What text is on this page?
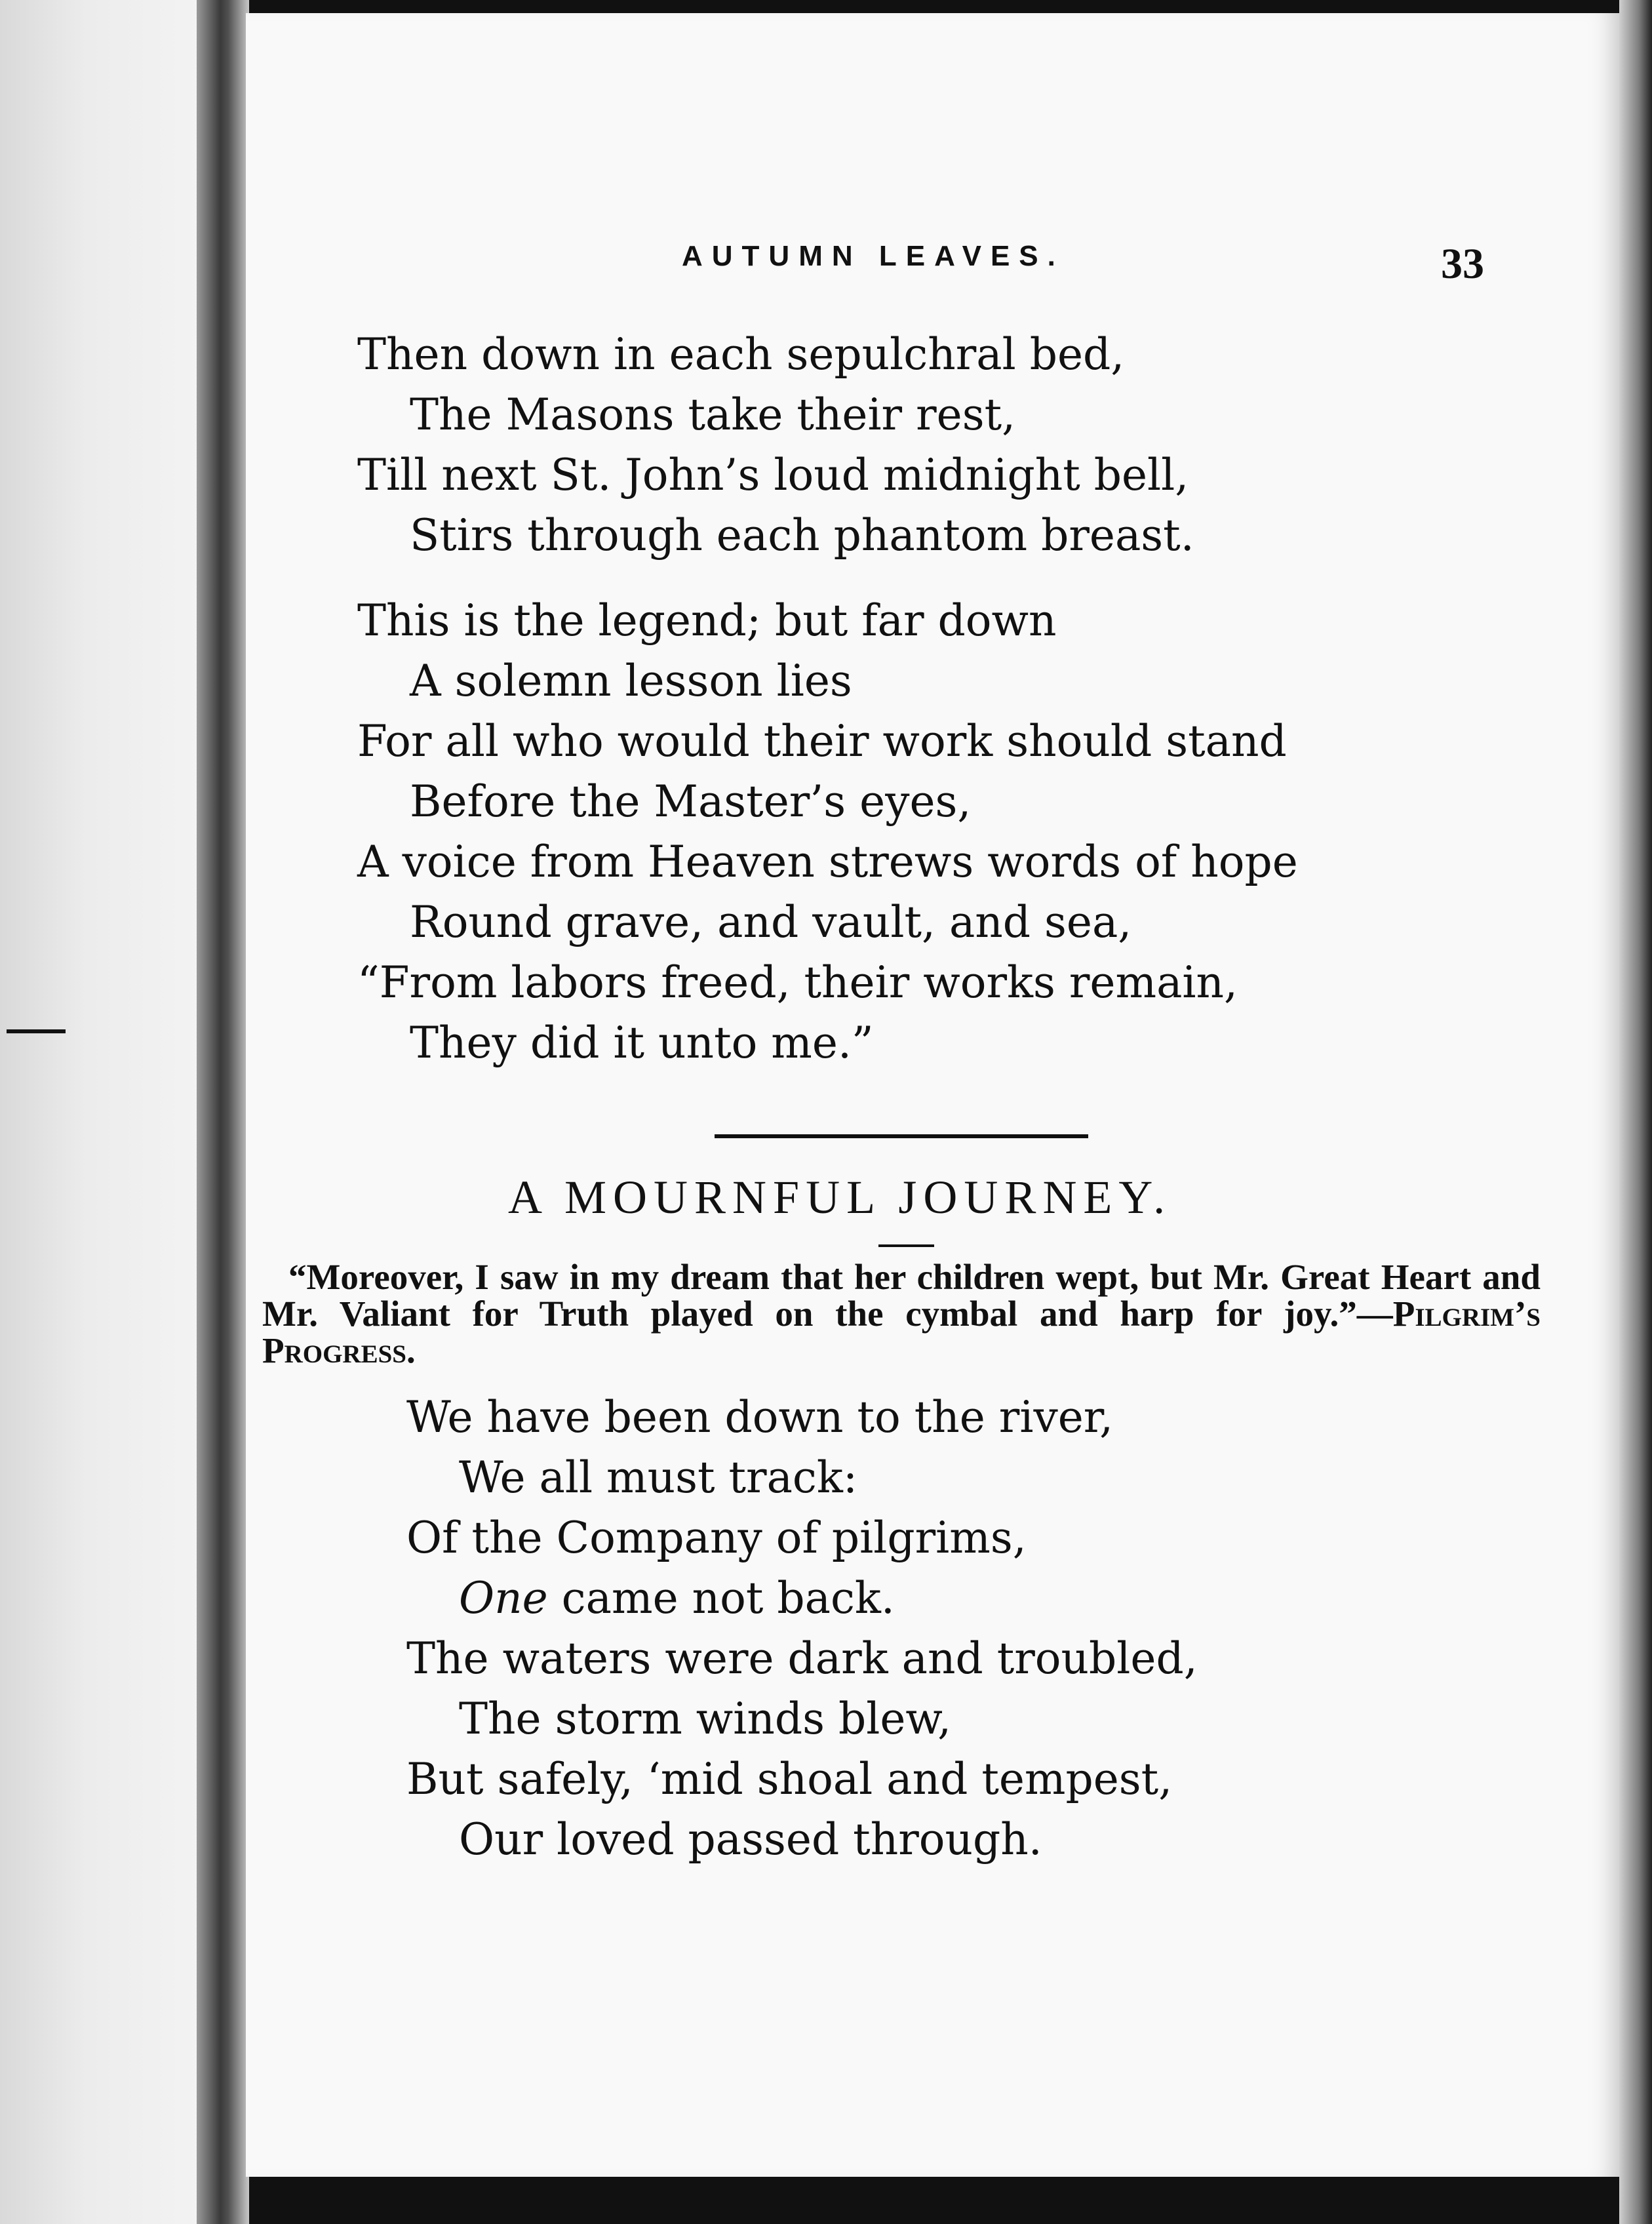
AUTUMN LEAVES.	33
Then down in each sepulchral bed,
The Masons take their rest,
Till next St. John’s loud midnight bell,
Stirs through each phantom breast.
This is the legend; but far down
A solemn lesson lies
For all who would their work should stand
Before the Master’s eyes,
A voice from Heaven strews words of hope
Round grave, and vault, and sea,
“From labors freed, their works remain,
They did it unto me.”
A MOURNFUL JOURNEY.
“Moreover, I saw in my dream that her children wept, but Mr. Great Heart and Mr. Valiant for Truth played on the cymbal and harp for joy.”—Pilgrim’s Progress.
We have been down to the river,
We all must track:
Of the Company of pilgrims,
One came not back.
The waters were dark and troubled,
The storm winds blew,
But safely, ‘mid shoal and tempest,
Our loved passed through.
